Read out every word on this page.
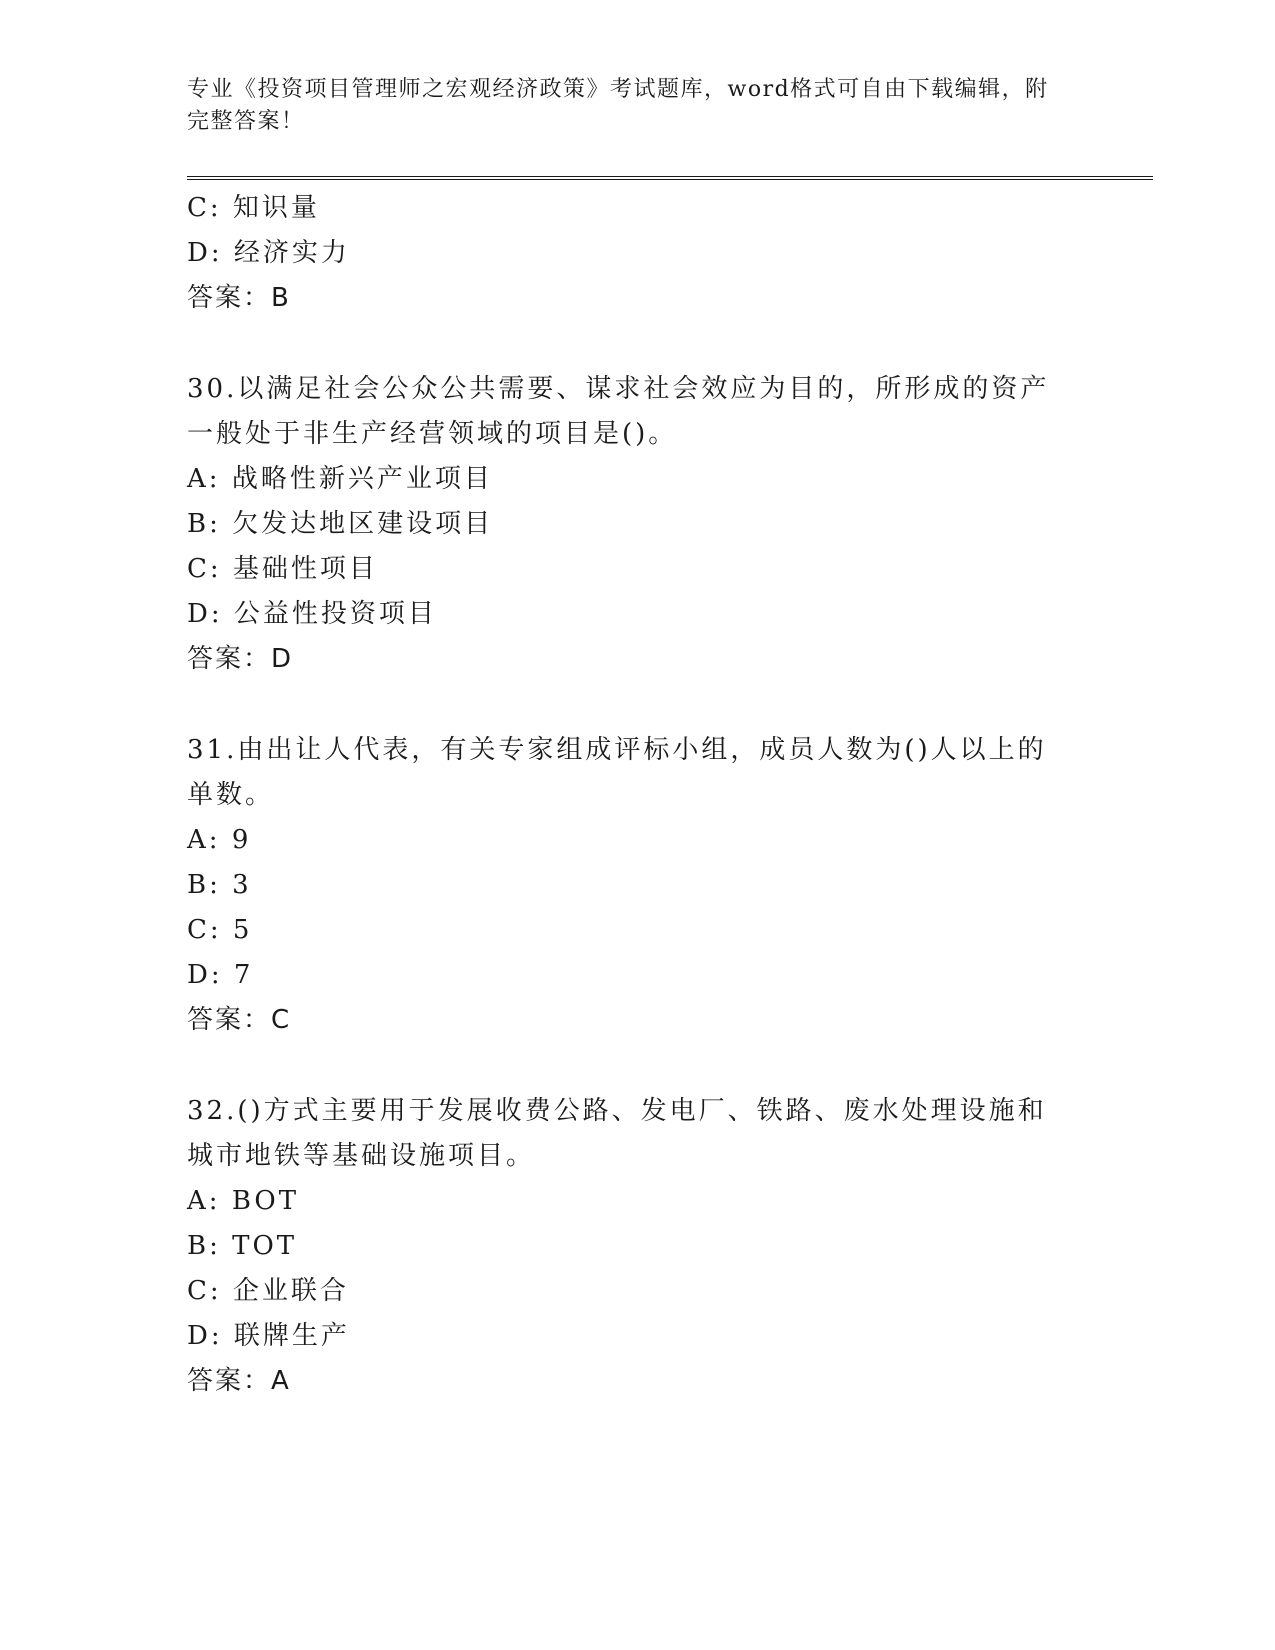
专业《投资项目管理师之宏观经济政策》考试题库，word格式可自由下载编辑，附完整答案！
C: 知识量
D: 经济实力
答案：B
30.以满足社会公众公共需要、谋求社会效应为目的，所形成的资产一般处于非生产经营领域的项目是()。
A: 战略性新兴产业项目
B: 欠发达地区建设项目
C: 基础性项目
D: 公益性投资项目
答案：D
31.由出让人代表，有关专家组成评标小组，成员人数为()人以上的单数。
A: 9
B: 3
C: 5
D: 7
答案：C
32.()方式主要用于发展收费公路、发电厂、铁路、废水处理设施和城市地铁等基础设施项目。
A: BOT
B: TOT
C: 企业联合
D: 联牌生产
答案：A
